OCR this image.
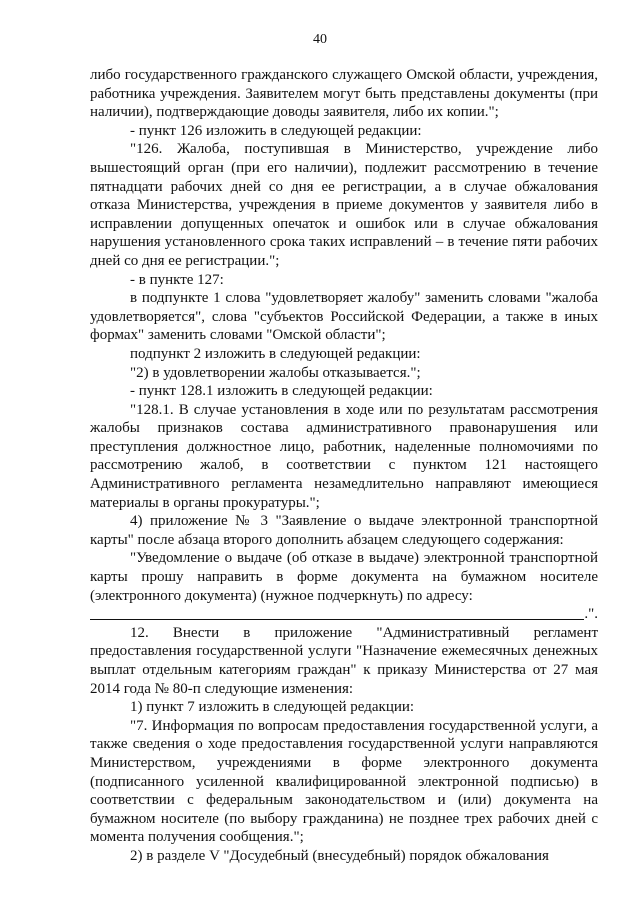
40

либо государственного гражданского служащего Омской области, учреждения, работника учреждения. Заявителем могут быть представлены документы (при наличии), подтверждающие доводы заявителя, либо их копии.";

- пункт 126 изложить в следующей редакции:

"126. Жалоба, поступившая в Министерство, учреждение либо вышестоящий орган (при его наличии), подлежит рассмотрению в течение пятнадцати рабочих дней со дня ее регистрации, а в случае обжалования отказа Министерства, учреждения в приеме документов у заявителя либо в исправлении допущенных опечаток и ошибок или в случае обжалования нарушения установленного срока таких исправлений – в течение пяти рабочих дней со дня ее регистрации.";

- в пункте 127:

в подпункте 1 слова "удовлетворяет жалобу" заменить словами "жалоба удовлетворяется", слова "субъектов Российской Федерации, а также в иных формах" заменить словами "Омской области";

подпункт 2 изложить в следующей редакции:

"2) в удовлетворении жалобы отказывается.";

- пункт 128.1 изложить в следующей редакции:

"128.1. В случае установления в ходе или по результатам рассмотрения жалобы признаков состава административного правонарушения или преступления должностное лицо, работник, наделенные полномочиями по рассмотрению жалоб, в соответствии с пунктом 121 настоящего Административного регламента незамедлительно направляют имеющиеся материалы в органы прокуратуры.";

4) приложение № 3 "Заявление о выдаче электронной транспортной карты" после абзаца второго дополнить абзацем следующего содержания:

"Уведомление о выдаче (об отказе в выдаче) электронной транспортной карты прошу направить в форме документа на бумажном носителе (электронного документа) (нужное подчеркнуть) по адресу:

.".

12. Внести в приложение "Административный регламент предоставления государственной услуги "Назначение ежемесячных денежных выплат отдельным категориям граждан" к приказу Министерства от 27 мая 2014 года № 80-п следующие изменения:

1) пункт 7 изложить в следующей редакции:

"7. Информация по вопросам предоставления государственной услуги, а также сведения о ходе предоставления государственной услуги направляются Министерством, учреждениями в форме электронного документа (подписанного усиленной квалифицированной электронной подписью) в соответствии с федеральным законодательством и (или) документа на бумажном носителе (по выбору гражданина) не позднее трех рабочих дней с момента получения сообщения.";

2) в разделе V "Досудебный (внесудебный) порядок обжалования
